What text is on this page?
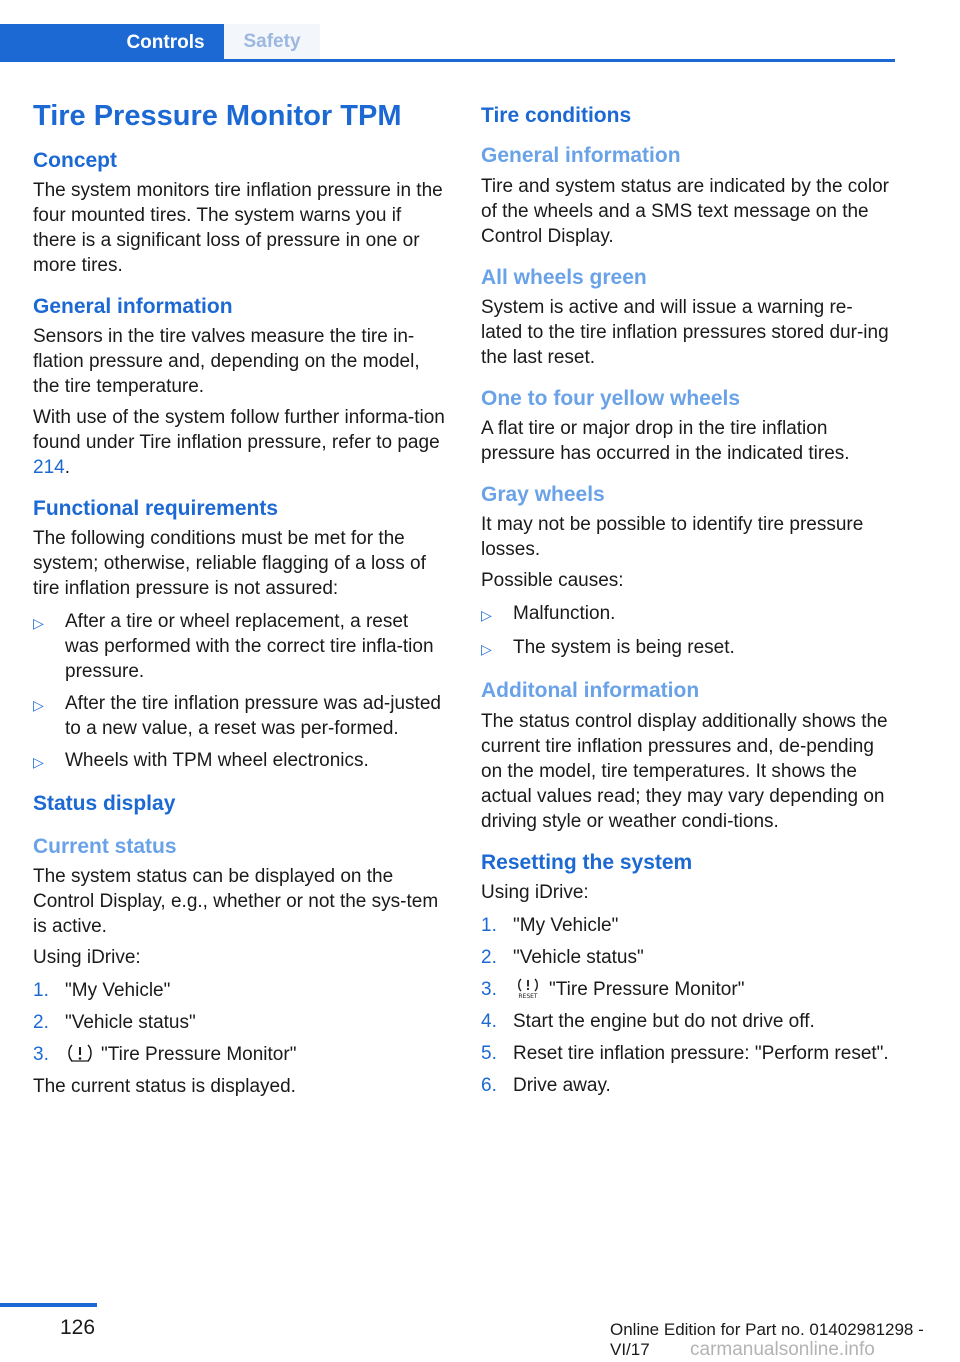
Controls	Safety
Tire Pressure Monitor TPM
Concept

The system monitors tire inflation pressure in the four mounted tires. The system warns you if there is a significant loss of pressure in one or more tires.

General information

Sensors in the tire valves measure the tire in-flation pressure and, depending on the model, the tire temperature.

With use of the system follow further informa-tion found under Tire inflation pressure, refer to page 214.

Functional requirements

The following conditions must be met for the system; otherwise, reliable flagging of a loss of tire inflation pressure is not assured:

▷	After a tire or wheel replacement, a reset was performed with the correct tire infla-tion pressure.
▷	After the tire inflation pressure was ad-justed to a new value, a reset was per-formed.
▷	Wheels with TPM wheel electronics.
Status display
Current status

The system status can be displayed on the Control Display, e.g., whether or not the sys-tem is active.

Using iDrive:

1. "My Vehicle"
2. "Vehicle status"
3.	"Tire Pressure Monitor"

The current status is displayed.

Tire conditions
General information

Tire and system status are indicated by the color of the wheels and a SMS text message on the Control Display.

All wheels green

System is active and will issue a warning re-lated to the tire inflation pressures stored dur-ing the last reset.

One to four yellow wheels

A flat tire or major drop in the tire inflation pressure has occurred in the indicated tires.

Gray wheels

It may not be possible to identify tire pressure losses.

Possible causes:

▷	Malfunction.
▷	The system is being reset.
Additonal information

The status control display additionally shows the current tire inflation pressures and, de-pending on the model, tire temperatures. It shows the actual values read; they may vary depending on driving style or weather condi-tions.

Resetting the system

Using iDrive:

1. "My Vehicle"
2. "Vehicle status"
3.	RESET "Tire Pressure Monitor"
4. Start the engine but do not drive off.
5. Reset tire inflation pressure: "Perform reset".
6. Drive away.
126	Online Edition for Part no. 01402981298 - VI/17	carmanualsonline.info
